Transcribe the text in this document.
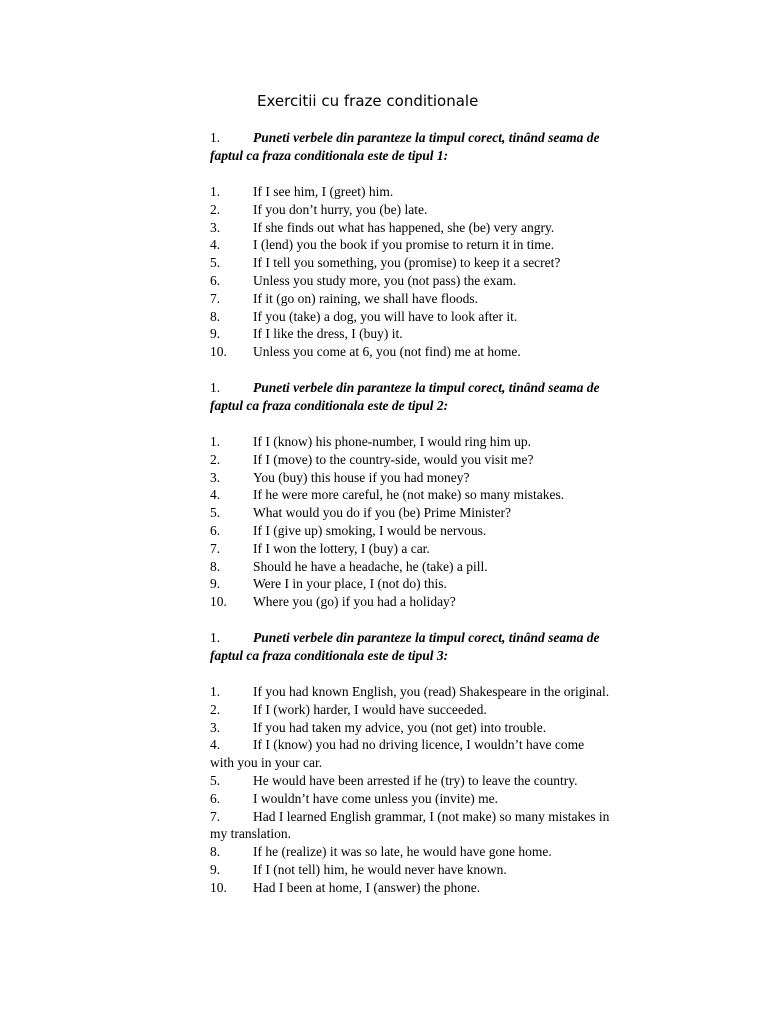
Exercitii cu fraze conditionale

1. Puneti verbele din paranteze la timpul corect, tinând seama de faptul ca fraza conditionala este de tipul 1:

1. If I see him, I (greet) him.
2. If you don’t hurry, you (be) late.
3. If she finds out what has happened, she (be) very angry.
4. I (lend) you the book if you promise to return it in time.
5. If I tell you something, you (promise) to keep it a secret?
6. Unless you study more, you (not pass) the exam.
7. If it (go on) raining, we shall have floods.
8. If you (take) a dog, you will have to look after it.
9. If I like the dress, I (buy) it.
10. Unless you come at 6, you (not find) me at home.

1. Puneti verbele din paranteze la timpul corect, tinând seama de faptul ca fraza conditionala este de tipul 2:

1. If I (know) his phone-number, I would ring him up.
2. If I (move) to the country-side, would you visit me?
3. You (buy) this house if you had money?
4. If he were more careful, he (not make) so many mistakes.
5. What would you do if you (be) Prime Minister?
6. If I (give up) smoking, I would be nervous.
7. If I won the lottery, I (buy) a car.
8. Should he have a headache, he (take) a pill.
9. Were I in your place, I (not do) this.
10. Where you (go) if you had a holiday?

1. Puneti verbele din paranteze la timpul corect, tinând seama de faptul ca fraza conditionala este de tipul 3:

1. If you had known English, you (read) Shakespeare in the original.
2. If I (work) harder, I would have succeeded.
3. If you had taken my advice, you (not get) into trouble.
4. If I (know) you had no driving licence, I wouldn’t have come with you in your car.
5. He would have been arrested if he (try) to leave the country.
6. I wouldn’t have come unless you (invite) me.
7. Had I learned English grammar, I (not make) so many mistakes in my translation.
8. If he (realize) it was so late, he would have gone home.
9. If I (not tell) him, he would never have known.
10. Had I been at home, I (answer) the phone.
